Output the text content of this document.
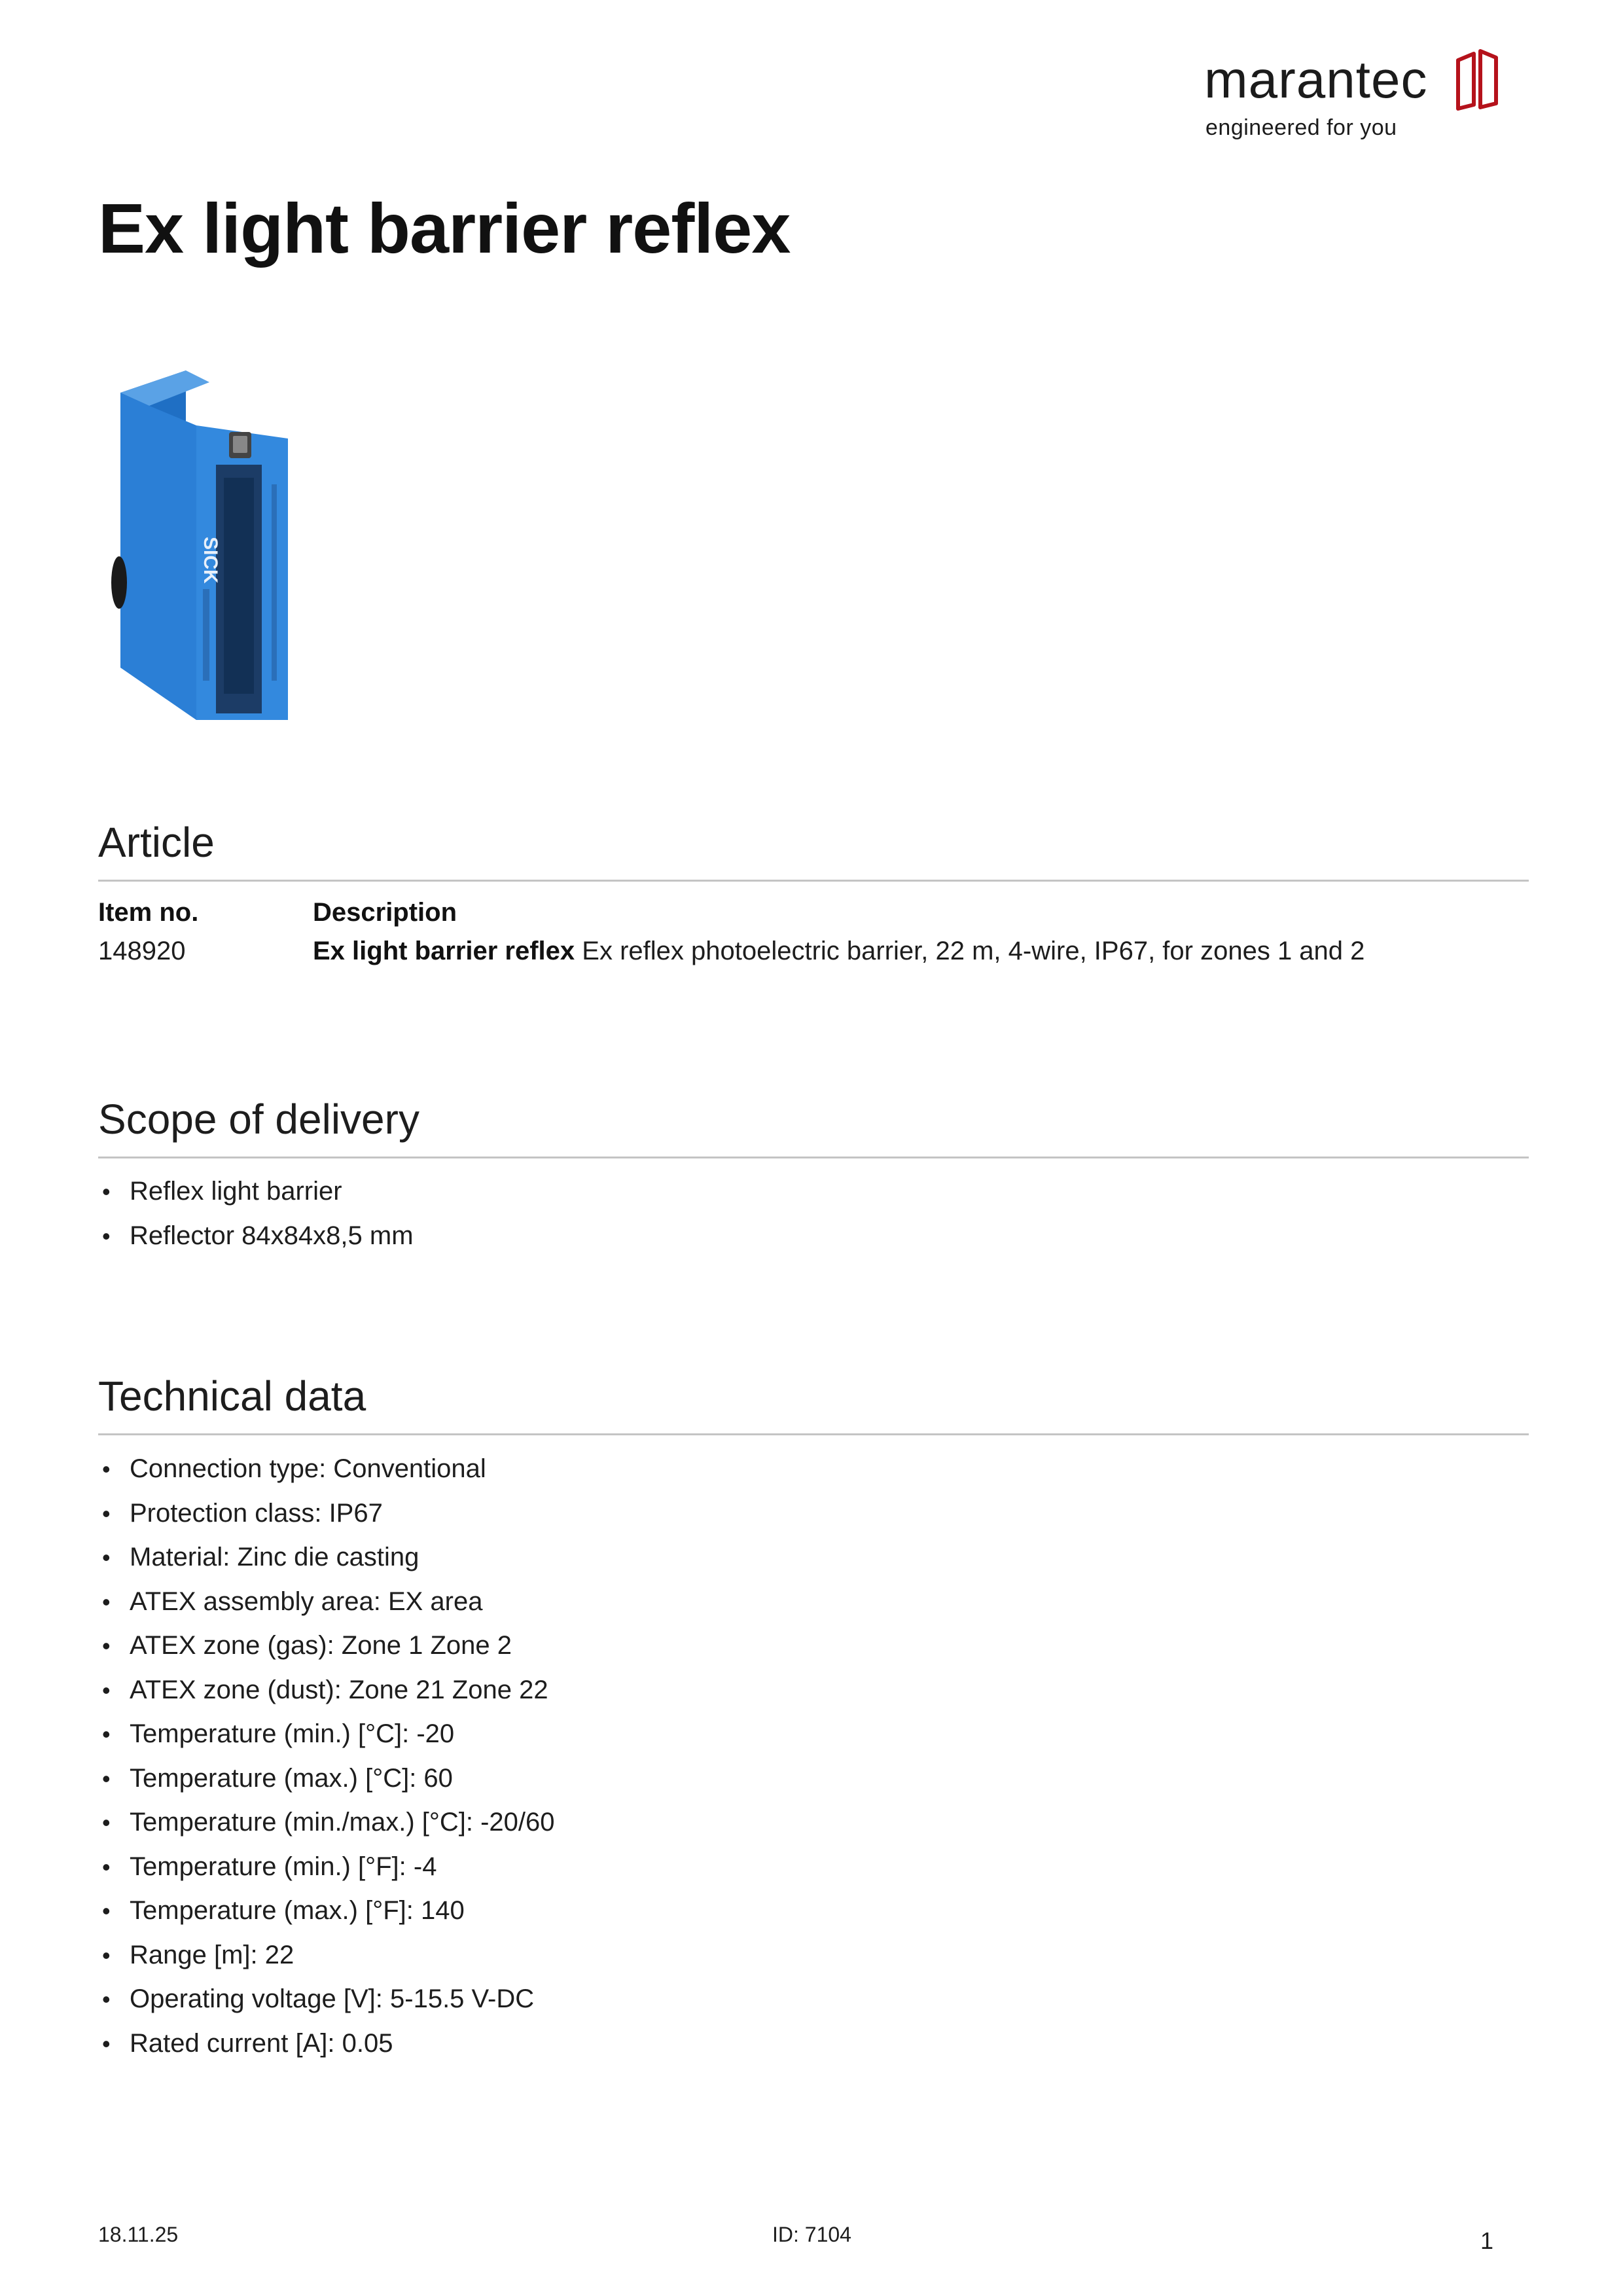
marantec
engineered for you
Ex light barrier reflex
SICK
Article
Item no.	Description
148920	Ex light barrier reflex Ex reflex photoelectric barrier, 22 m, 4-wire, IP67, for zones 1 and 2
Scope of delivery
• Reflex light barrier
• Reflector 84x84x8,5 mm
Technical data
• Connection type: Conventional
• Protection class: IP67
• Material: Zinc die casting
• ATEX assembly area: EX area
• ATEX zone (gas): Zone 1 Zone 2
• ATEX zone (dust): Zone 21 Zone 22
• Temperature (min.) [°C]: -20
• Temperature (max.) [°C]: 60
• Temperature (min./max.) [°C]: -20/60
• Temperature (min.) [°F]: -4
• Temperature (max.) [°F]: 140
• Range [m]: 22
• Operating voltage [V]: 5-15.5 V-DC
• Rated current [A]: 0.05
18.11.25	ID: 7104	1
